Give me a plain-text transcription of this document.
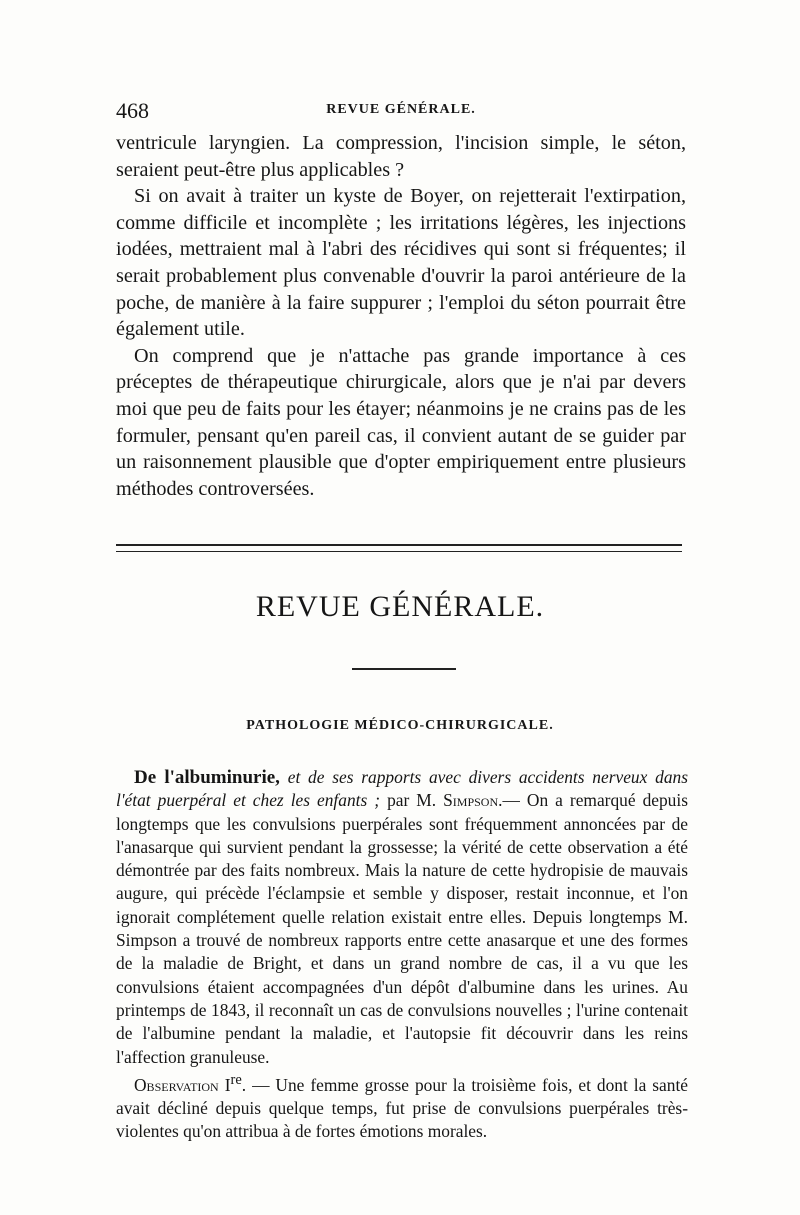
468	REVUE GÉNÉRALE.

ventricule laryngien. La compression, l'incision simple, le séton, seraient peut-être plus applicables ?

Si on avait à traiter un kyste de Boyer, on rejetterait l'extirpation, comme difficile et incomplète ; les irritations légères, les injections iodées, mettraient mal à l'abri des récidives qui sont si fréquentes; il serait probablement plus convenable d'ouvrir la paroi antérieure de la poche, de manière à la faire suppurer ; l'emploi du séton pourrait être également utile.

On comprend que je n'attache pas grande importance à ces préceptes de thérapeutique chirurgicale, alors que je n'ai par devers moi que peu de faits pour les étayer; néanmoins je ne crains pas de les formuler, pensant qu'en pareil cas, il convient autant de se guider par un raisonnement plausible que d'opter empiriquement entre plusieurs méthodes controversées.

REVUE GÉNÉRALE.
PATHOLOGIE MÉDICO-CHIRURGICALE.

De l'albuminurie, et de ses rapports avec divers accidents nerveux dans l'état puerpéral et chez les enfants ; par M. Simpson.— On a remarqué depuis longtemps que les convulsions puerpérales sont fréquemment annoncées par de l'anasarque qui survient pendant la grossesse; la vérité de cette observation a été démontrée par des faits nombreux. Mais la nature de cette hydropisie de mauvais augure, qui précède l'éclampsie et semble y disposer, restait inconnue, et l'on ignorait complétement quelle relation existait entre elles. Depuis longtemps M. Simpson a trouvé de nombreux rapports entre cette anasarque et une des formes de la maladie de Bright, et dans un grand nombre de cas, il a vu que les convulsions étaient accompagnées d'un dépôt d'albumine dans les urines. Au printemps de 1843, il reconnaît un cas de convulsions nouvelles ; l'urine contenait de l'albumine pendant la maladie, et l'autopsie fit découvrir dans les reins l'affection granuleuse.

Observation Ire. — Une femme grosse pour la troisième fois, et dont la santé avait décliné depuis quelque temps, fut prise de convulsions puerpérales très-violentes qu'on attribua à de fortes émotions morales.
